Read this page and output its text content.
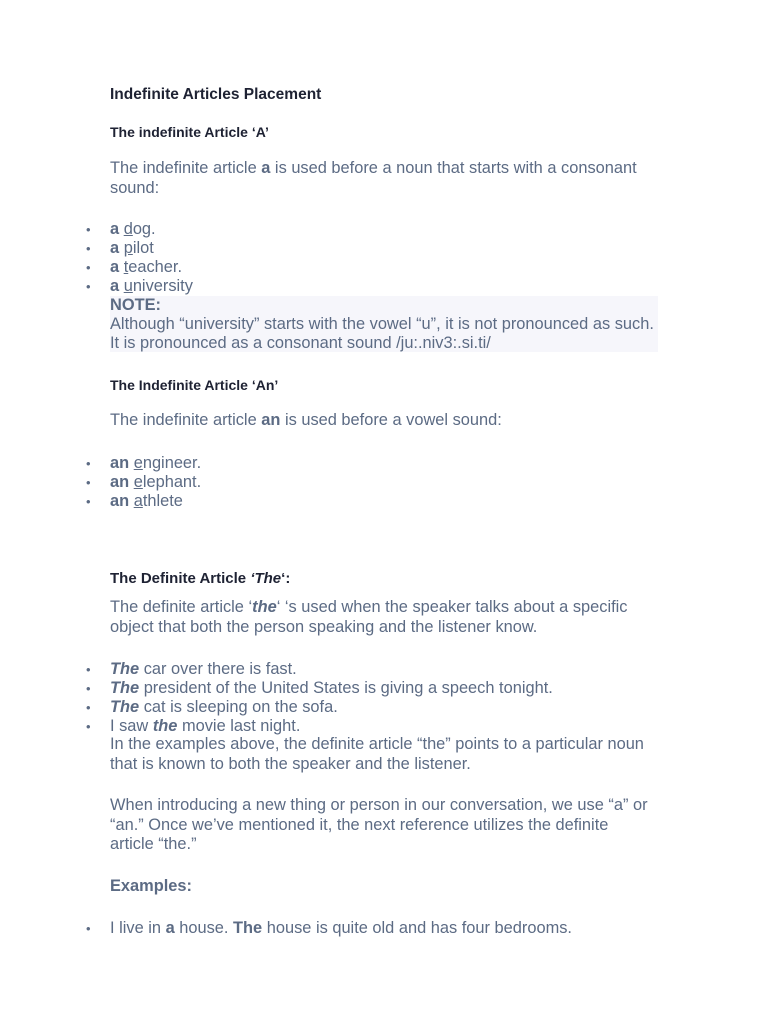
Indefinite Articles Placement
The indefinite Article ‘A’

The indefinite article a is used before a noun that starts with a consonant sound:

• a dog.
• a pilot
• a teacher.
• a university
NOTE:
Although “university” starts with the vowel “u”, it is not pronounced as such. It is pronounced as a consonant sound /ju:.niv3:.si.ti/
The Indefinite Article ‘An’

The indefinite article an is used before a vowel sound:

• an engineer.
• an elephant.
• an athlete
The Definite Article ‘The‘:

The definite article ‘the‘ ‘s used when the speaker talks about a specific object that both the person speaking and the listener know.

• The car over there is fast.
• The president of the United States is giving a speech tonight.
• The cat is sleeping on the sofa.
• I saw the movie last night.

In the examples above, the definite article “the” points to a particular noun that is known to both the speaker and the listener.

When introducing a new thing or person in our conversation, we use “a” or “an.” Once we’ve mentioned it, the next reference utilizes the definite article “the.”

Examples:

• I live in a house. The house is quite old and has four bedrooms.
